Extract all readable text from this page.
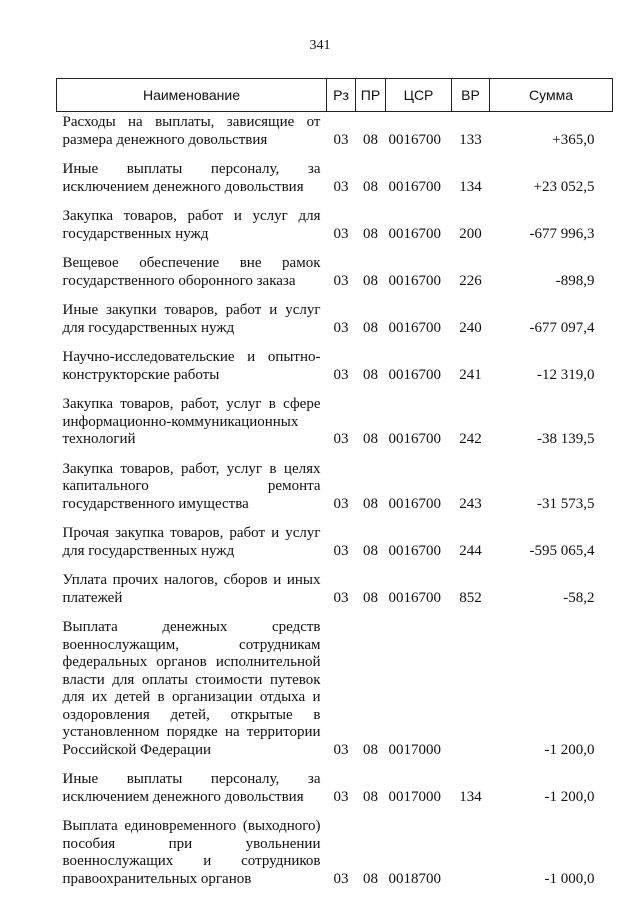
341
Наименование	Рз	ПР	ЦСР	ВР	Сумма
Расходы на выплаты, зависящие от размера денежного довольствия	03	08	0016700	133	+365,0
Иные выплаты персоналу, за исключением денежного довольствия	03	08	0016700	134	+23 052,5
Закупка товаров, работ и услуг для государственных нужд	03	08	0016700	200	-677 996,3
Вещевое обеспечение вне рамок государственного оборонного заказа	03	08	0016700	226	-898,9
Иные закупки товаров, работ и услуг для государственных нужд	03	08	0016700	240	-677 097,4
Научно-исследовательские и опытно-конструкторские работы	03	08	0016700	241	-12 319,0
Закупка товаров, работ, услуг в сфере информационно-коммуникационных технологий	03	08	0016700	242	-38 139,5
Закупка товаров, работ, услуг в целях капитального ремонта государственного имущества	03	08	0016700	243	-31 573,5
Прочая закупка товаров, работ и услуг для государственных нужд	03	08	0016700	244	-595 065,4
Уплата прочих налогов, сборов и иных платежей	03	08	0016700	852	-58,2
Выплата денежных средств военнослужащим, сотрудникам федеральных органов исполнительной власти для оплаты стоимости путевок для их детей в организации отдыха и оздоровления детей, открытые в установленном порядке на территории Российской Федерации	03	08	0017000		-1 200,0
Иные выплаты персоналу, за исключением денежного довольствия	03	08	0017000	134	-1 200,0
Выплата единовременного (выходного) пособия при увольнении военнослужащих и сотрудников правоохранительных органов	03	08	0018700		-1 000,0
